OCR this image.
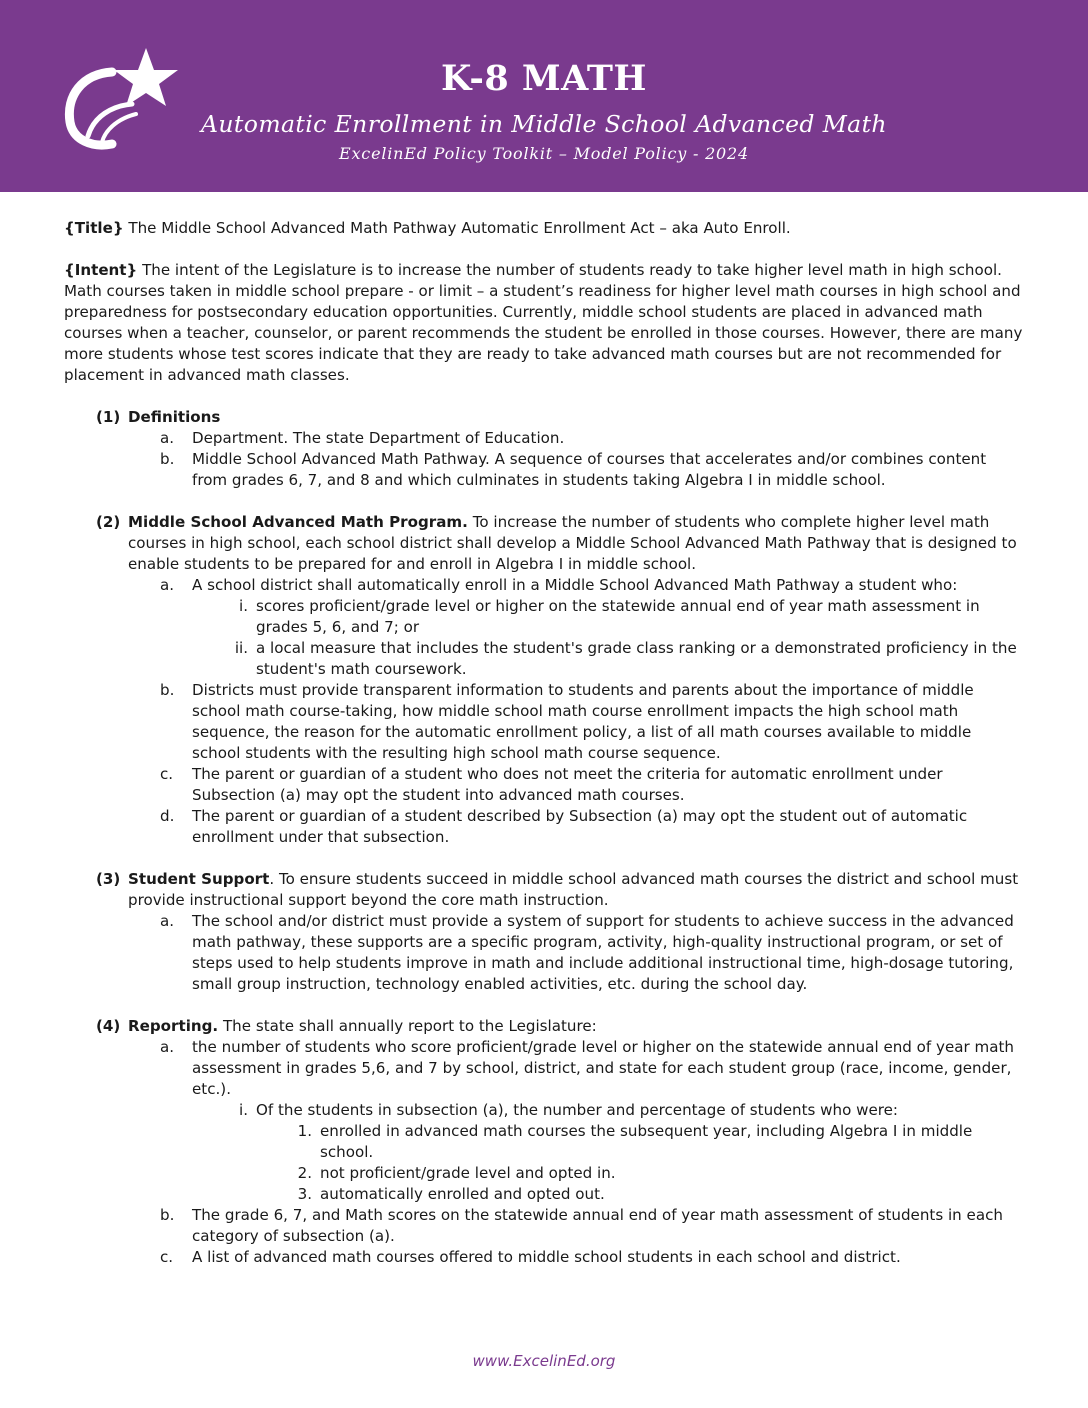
K-8 MATH
Automatic Enrollment in Middle School Advanced Math
ExcelinEd Policy Toolkit – Model Policy - 2024

{Title} The Middle School Advanced Math Pathway Automatic Enrollment Act – aka Auto Enroll.

{Intent} The intent of the Legislature is to increase the number of students ready to take higher level math in high school. Math courses taken in middle school prepare - or limit – a student’s readiness for higher level math courses in high school and preparedness for postsecondary education opportunities. Currently, middle school students are placed in advanced math courses when a teacher, counselor, or parent recommends the student be enrolled in those courses. However, there are many more students whose test scores indicate that they are ready to take advanced math courses but are not recommended for placement in advanced math classes.

(1) Definitions
a.	Department. The state Department of Education.
b.	Middle School Advanced Math Pathway. A sequence of courses that accelerates and/or combines content from grades 6, 7, and 8 and which culminates in students taking Algebra I in middle school.
(2) Middle School Advanced Math Program. To increase the number of students who complete higher level math courses in high school, each school district shall develop a Middle School Advanced Math Pathway that is designed to enable students to be prepared for and enroll in Algebra I in middle school.
a.	A school district shall automatically enroll in a Middle School Advanced Math Pathway a student who:
i. scores proficient/grade level or higher on the statewide annual end of year math assessment in grades 5, 6, and 7; or
ii. a local measure that includes the student's grade class ranking or a demonstrated proficiency in the student's math coursework.
b.	Districts must provide transparent information to students and parents about the importance of middle school math course-taking, how middle school math course enrollment impacts the high school math sequence, the reason for the automatic enrollment policy, a list of all math courses available to middle school students with the resulting high school math course sequence.
c.	The parent or guardian of a student who does not meet the criteria for automatic enrollment under Subsection (a) may opt the student into advanced math courses.
d.	The parent or guardian of a student described by Subsection (a) may opt the student out of automatic enrollment under that subsection.
(3) Student Support. To ensure students succeed in middle school advanced math courses the district and school must provide instructional support beyond the core math instruction.
a.	The school and/or district must provide a system of support for students to achieve success in the advanced math pathway, these supports are a specific program, activity, high-quality instructional program, or set of steps used to help students improve in math and include additional instructional time, high-dosage tutoring, small group instruction, technology enabled activities, etc. during the school day.
(4) Reporting. The state shall annually report to the Legislature:
a.	the number of students who score proficient/grade level or higher on the statewide annual end of year math assessment in grades 5,6, and 7 by school, district, and state for each student group (race, income, gender, etc.).
i. Of the students in subsection (a), the number and percentage of students who were:
1. enrolled in advanced math courses the subsequent year, including Algebra I in middle school.
2. not proficient/grade level and opted in.
3. automatically enrolled and opted out.
b.	The grade 6, 7, and Math scores on the statewide annual end of year math assessment of students in each category of subsection (a).
c.	A list of advanced math courses offered to middle school students in each school and district.
www.ExcelinEd.org
